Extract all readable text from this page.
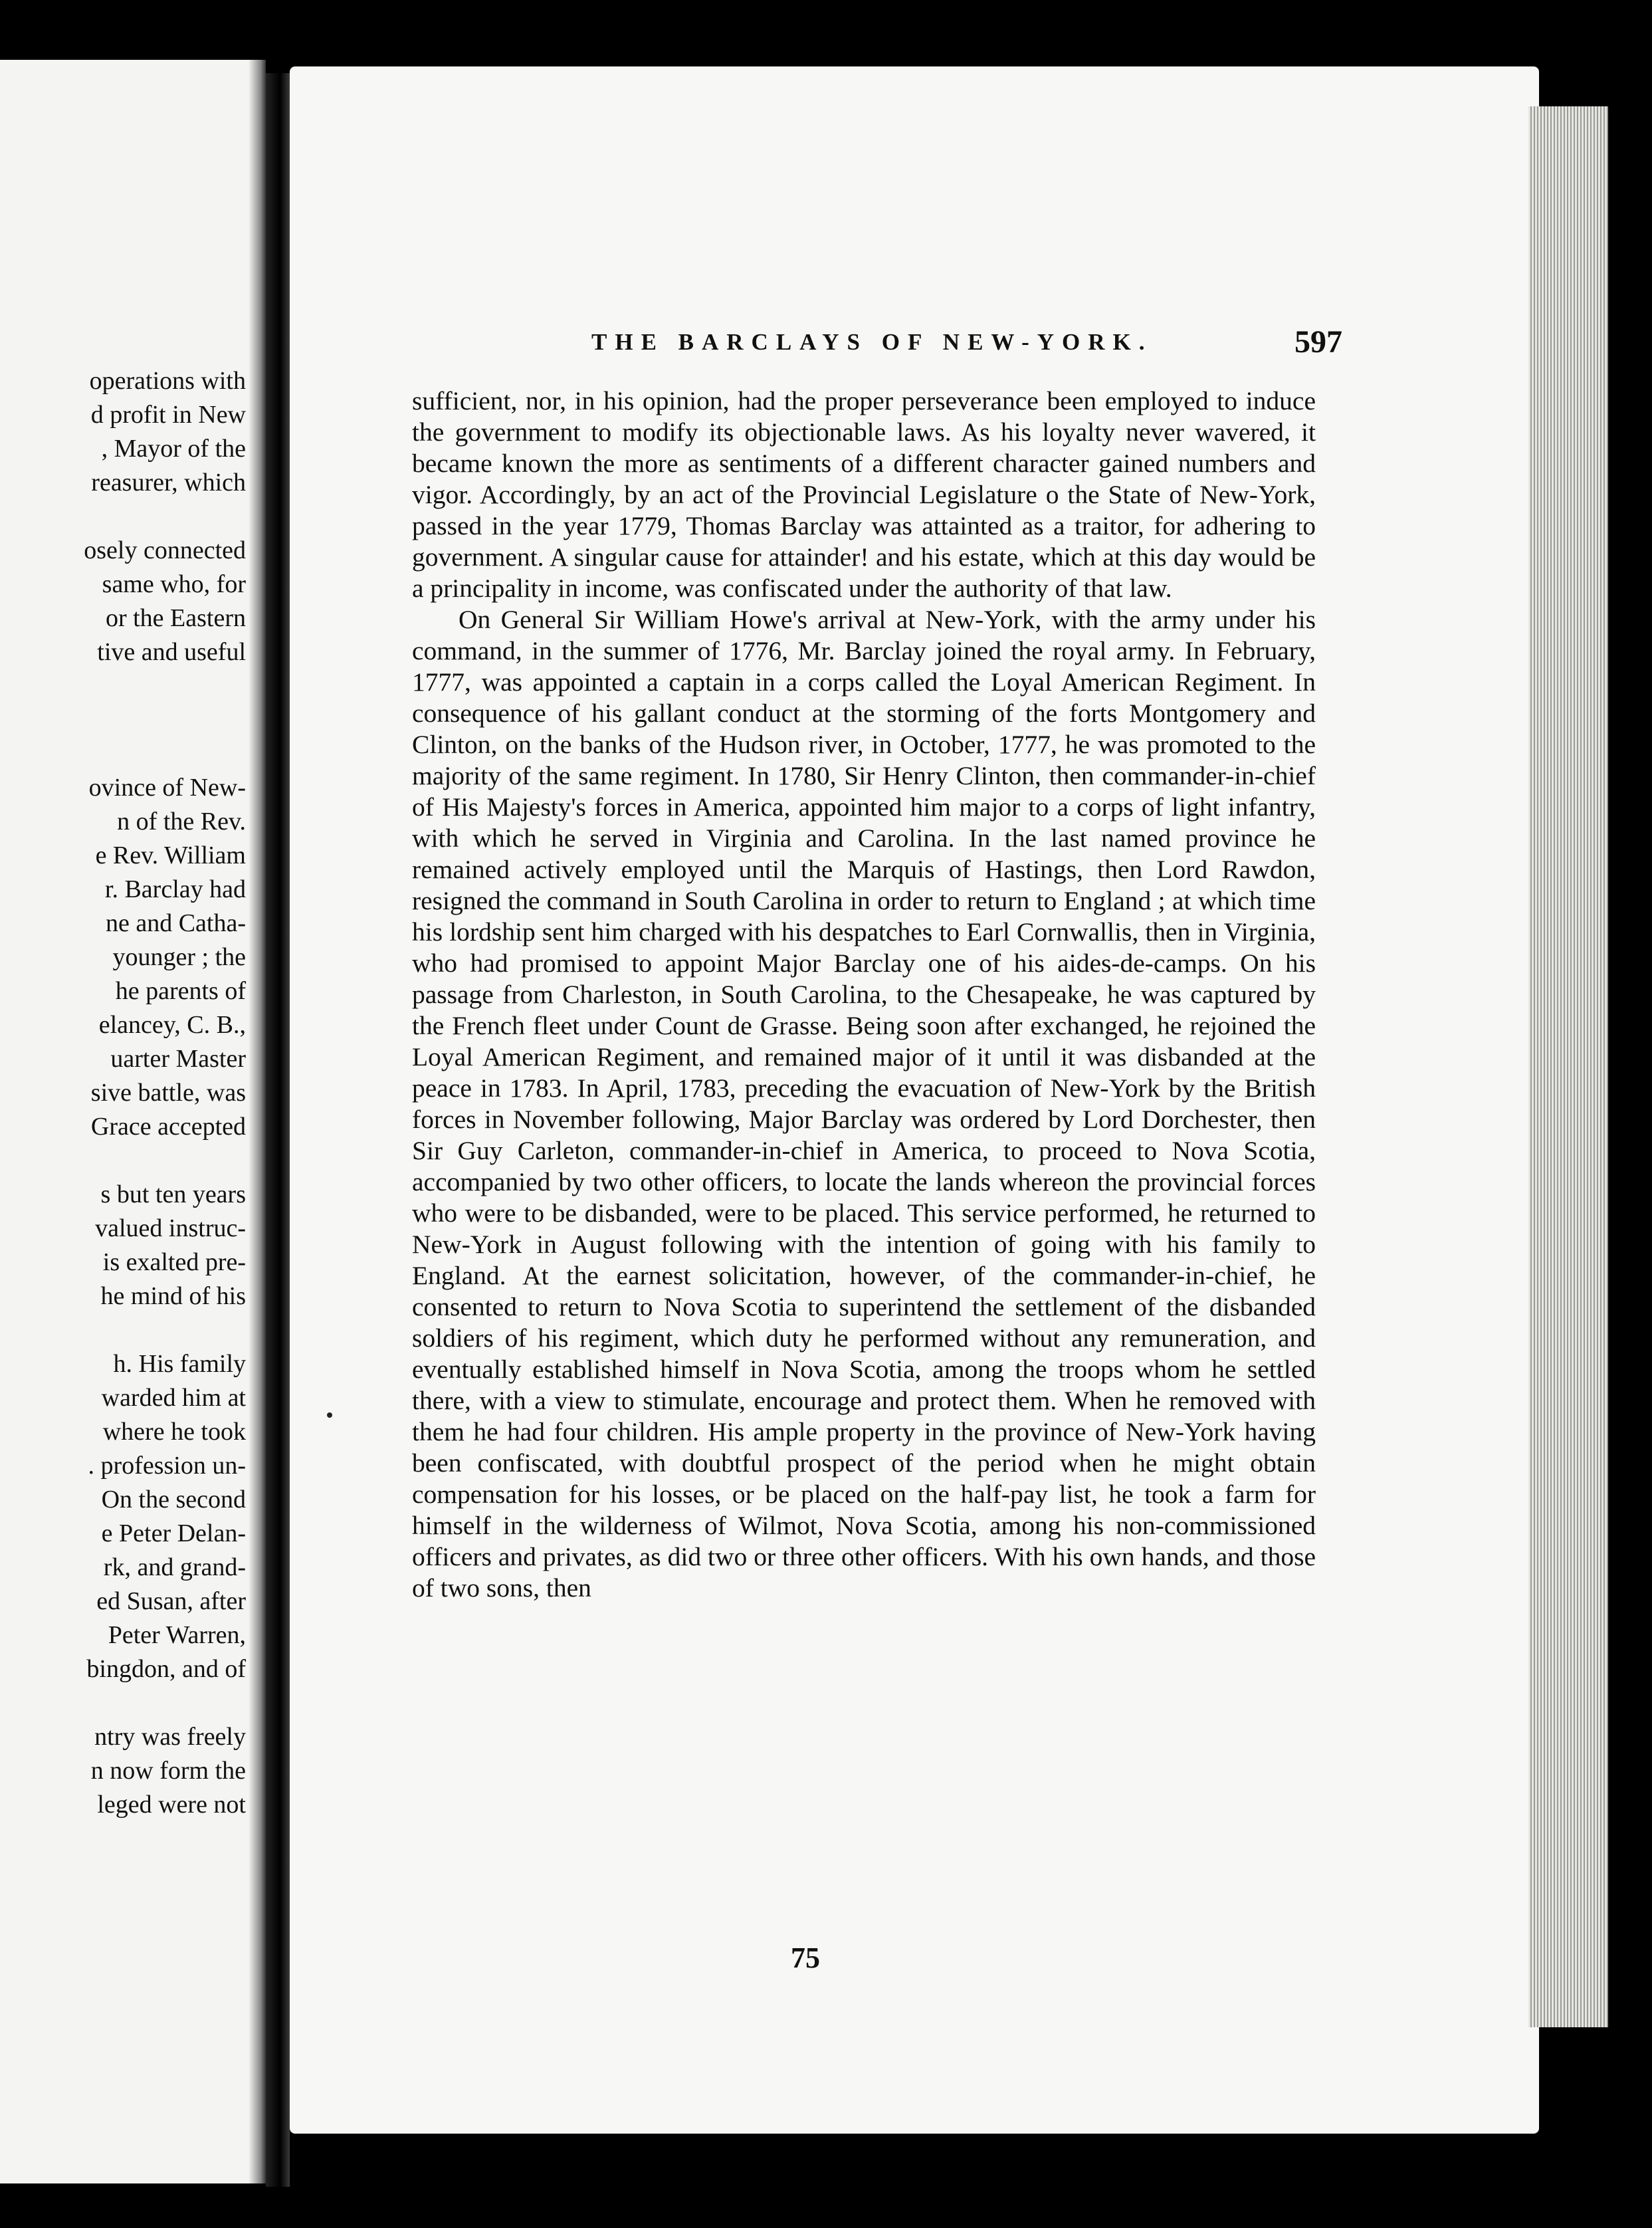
operations with
d profit in New
, Mayor of the
reasurer, which
osely connected
same who, for
or the Eastern
tive and useful
ovince of New-
n of the Rev.
e Rev. William
r. Barclay had
ne and Catha-
younger ; the
he parents of
elancey, C. B.,
uarter Master
sive battle, was
Grace accepted
s but ten years
valued instruc-
is exalted pre-
he mind of his
h. His family
warded him at
where he took
. profession un-
On the second
e Peter Delan-
rk, and grand-
ed Susan, after
Peter Warren,
bingdon, and of
ntry was freely
n now form the
leged were not
THE BARCLAYS OF NEW-YORK.	597

sufficient, nor, in his opinion, had the proper perseverance been employed to induce the government to modify its objectionable laws. As his loyalty never wavered, it became known the more as sentiments of a different character gained numbers and vigor. Accordingly, by an act of the Provincial Legislature o the State of New-York, passed in the year 1779, Thomas Barclay was attainted as a traitor, for adhering to government. A singular cause for attainder! and his estate, which at this day would be a principality in income, was confiscated under the authority of that law.

On General Sir William Howe's arrival at New-York, with the army under his command, in the summer of 1776, Mr. Barclay joined the royal army. In February, 1777, was appointed a captain in a corps called the Loyal American Regiment. In consequence of his gallant conduct at the storming of the forts Montgomery and Clinton, on the banks of the Hudson river, in October, 1777, he was promoted to the majority of the same regiment. In 1780, Sir Henry Clinton, then commander-in-chief of His Majesty's forces in America, appointed him major to a corps of light infantry, with which he served in Virginia and Carolina. In the last named province he remained actively employed until the Marquis of Hastings, then Lord Rawdon, resigned the command in South Carolina in order to return to England ; at which time his lordship sent him charged with his despatches to Earl Cornwallis, then in Virginia, who had promised to appoint Major Barclay one of his aides-de-camps. On his passage from Charleston, in South Carolina, to the Chesapeake, he was captured by the French fleet under Count de Grasse. Being soon after exchanged, he rejoined the Loyal American Regiment, and remained major of it until it was disbanded at the peace in 1783. In April, 1783, preceding the evacuation of New-York by the British forces in November following, Major Barclay was ordered by Lord Dorchester, then Sir Guy Carleton, commander-in-chief in America, to proceed to Nova Scotia, accompanied by two other officers, to locate the lands whereon the provincial forces who were to be disbanded, were to be placed. This service performed, he returned to New-York in August following with the intention of going with his family to England. At the earnest solicitation, however, of the commander-in-chief, he consented to return to Nova Scotia to superintend the settlement of the disbanded soldiers of his regiment, which duty he performed without any remuneration, and eventually established himself in Nova Scotia, among the troops whom he settled there, with a view to stimulate, encourage and protect them. When he removed with them he had four children. His ample property in the province of New-York having been confiscated, with doubtful prospect of the period when he might obtain compensation for his losses, or be placed on the half-pay list, he took a farm for himself in the wilderness of Wilmot, Nova Scotia, among his non-commissioned officers and privates, as did two or three other officers. With his own hands, and those of two sons, then

75
